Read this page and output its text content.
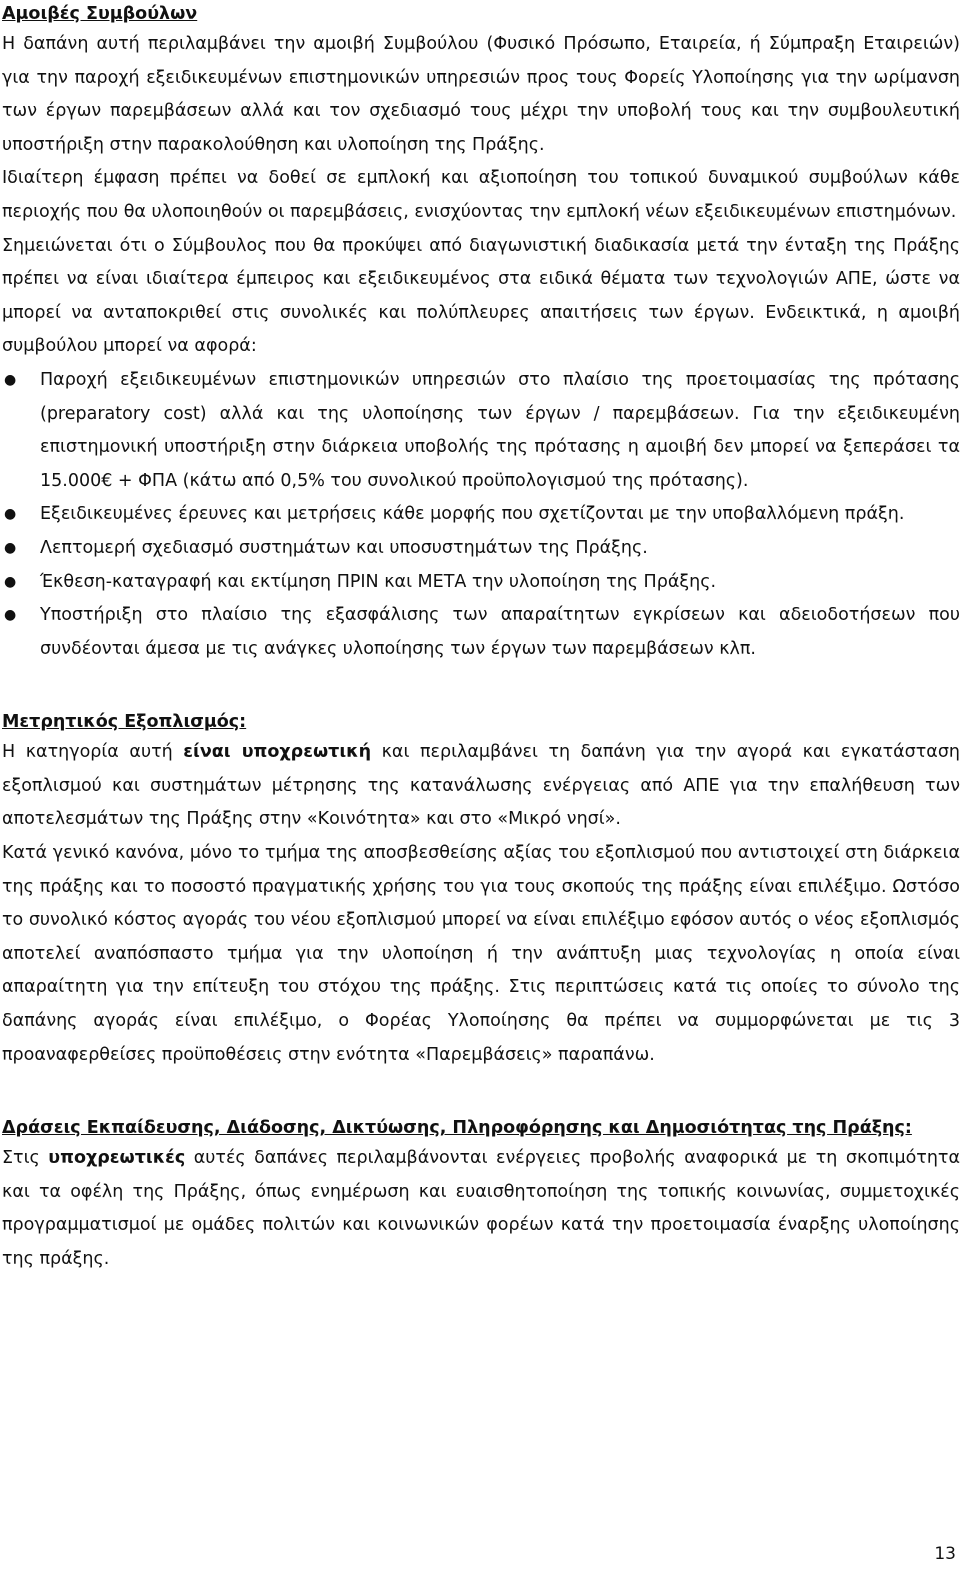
Αμοιβές Συμβούλων

Η δαπάνη αυτή περιλαμβάνει την αμοιβή Συμβούλου (Φυσικό Πρόσωπο, Εταιρεία, ή Σύμπραξη Εταιρειών) για την παροχή εξειδικευμένων επιστημονικών υπηρεσιών προς τους Φορείς Υλοποίησης για την ωρίμανση των έργων παρεμβάσεων αλλά και τον σχεδιασμό τους μέχρι την υποβολή τους και την συμβουλευτική υποστήριξη στην παρακολούθηση και υλοποίηση της Πράξης.

Ιδιαίτερη έμφαση πρέπει να δοθεί σε εμπλοκή και αξιοποίηση του τοπικού δυναμικού συμβούλων κάθε περιοχής που θα υλοποιηθούν οι παρεμβάσεις, ενισχύοντας την εμπλοκή νέων εξειδικευμένων επιστημόνων.

Σημειώνεται ότι ο Σύμβουλος που θα προκύψει από διαγωνιστική διαδικασία μετά την ένταξη της Πράξης πρέπει να είναι ιδιαίτερα έμπειρος και εξειδικευμένος στα ειδικά θέματα των τεχνολογιών ΑΠΕ, ώστε να μπορεί να ανταποκριθεί στις συνολικές και πολύπλευρες απαιτήσεις των έργων. Ενδεικτικά, η αμοιβή συμβούλου μπορεί να αφορά:

● Παροχή εξειδικευμένων επιστημονικών υπηρεσιών στο πλαίσιο της προετοιμασίας της πρότασης (preparatory cost) αλλά και της υλοποίησης των έργων / παρεμβάσεων. Για την εξειδικευμένη επιστημονική υποστήριξη στην διάρκεια υποβολής της πρότασης η αμοιβή δεν μπορεί να ξεπεράσει τα 15.000€ + ΦΠΑ (κάτω από 0,5% του συνολικού προϋπολογισμού της πρότασης).
● Εξειδικευμένες έρευνες και μετρήσεις κάθε μορφής που σχετίζονται με την υποβαλλόμενη πράξη.
● Λεπτομερή σχεδιασμό συστημάτων και υποσυστημάτων της Πράξης.
● Έκθεση-καταγραφή και εκτίμηση ΠΡΙΝ και ΜΕΤΑ την υλοποίηση της Πράξης.
● Υποστήριξη στο πλαίσιο της εξασφάλισης των απαραίτητων εγκρίσεων και αδειοδοτήσεων που συνδέονται άμεσα με τις ανάγκες υλοποίησης των έργων των παρεμβάσεων κλπ.
Μετρητικός Εξοπλισμός:

Η κατηγορία αυτή είναι υποχρεωτική και περιλαμβάνει τη δαπάνη για την αγορά και εγκατάσταση εξοπλισμού και συστημάτων μέτρησης της κατανάλωσης ενέργειας από ΑΠΕ για την επαλήθευση των αποτελεσμάτων της Πράξης στην «Κοινότητα» και στο «Μικρό νησί».

Κατά γενικό κανόνα, μόνο το τμήμα της αποσβεσθείσης αξίας του εξοπλισμού που αντιστοιχεί στη διάρκεια της πράξης και το ποσοστό πραγματικής χρήσης του για τους σκοπούς της πράξης είναι επιλέξιμο. Ωστόσο το συνολικό κόστος αγοράς του νέου εξοπλισμού μπορεί να είναι επιλέξιμο εφόσον αυτός ο νέος εξοπλισμός αποτελεί αναπόσπαστο τμήμα για την υλοποίηση ή την ανάπτυξη μιας τεχνολογίας η οποία είναι απαραίτητη για την επίτευξη του στόχου της πράξης. Στις περιπτώσεις κατά τις οποίες το σύνολο της δαπάνης αγοράς είναι επιλέξιμο, ο Φορέας Υλοποίησης θα πρέπει να συμμορφώνεται με τις 3 προαναφερθείσες προϋποθέσεις στην ενότητα «Παρεμβάσεις» παραπάνω.

Δράσεις Εκπαίδευσης, Διάδοσης, Δικτύωσης, Πληροφόρησης και Δημοσιότητας της Πράξης:

Στις υποχρεωτικές αυτές δαπάνες περιλαμβάνονται ενέργειες προβολής αναφορικά με τη σκοπιμότητα και τα οφέλη της Πράξης, όπως ενημέρωση και ευαισθητοποίηση της τοπικής κοινωνίας, συμμετοχικές προγραμματισμοί με ομάδες πολιτών και κοινωνικών φορέων κατά την προετοιμασία έναρξης υλοποίησης της πράξης.

13
